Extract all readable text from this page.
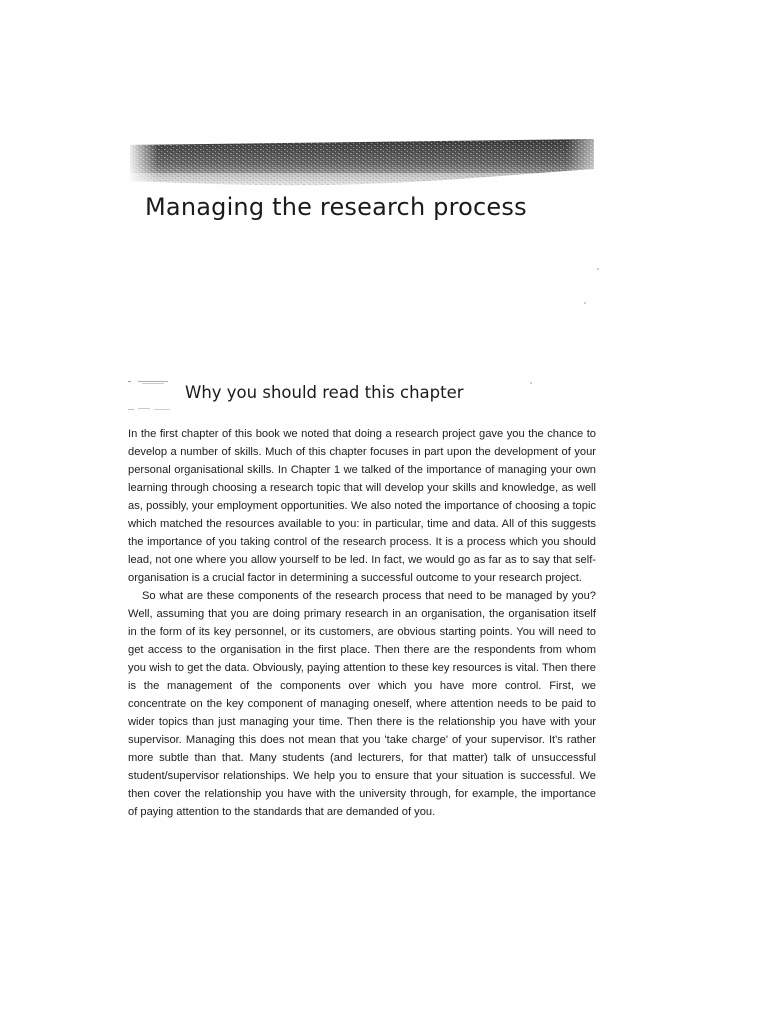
Managing the research process
Why you should read this chapter

In the first chapter of this book we noted that doing a research project gave you the chance to develop a number of skills. Much of this chapter focuses in part upon the development of your personal organisational skills. In Chapter 1 we talked of the importance of managing your own learning through choosing a research topic that will develop your skills and knowledge, as well as, possibly, your employment opportunities. We also noted the importance of choosing a topic which matched the resources available to you: in particular, time and data. All of this suggests the importance of you taking control of the research process. It is a process which you should lead, not one where you allow yourself to be led. In fact, we would go as far as to say that self-organisation is a crucial factor in determining a successful outcome to your research project.

So what are these components of the research process that need to be managed by you? Well, assuming that you are doing primary research in an organisation, the organisation itself in the form of its key personnel, or its customers, are obvious starting points. You will need to get access to the organisation in the first place. Then there are the respondents from whom you wish to get the data. Obviously, paying attention to these key resources is vital. Then there is the management of the components over which you have more control. First, we concentrate on the key component of managing oneself, where attention needs to be paid to wider topics than just managing your time. Then there is the relationship you have with your supervisor. Managing this does not mean that you 'take charge' of your supervisor. It's rather more subtle than that. Many students (and lecturers, for that matter) talk of unsuccessful student/supervisor relationships. We help you to ensure that your situation is successful. We then cover the relationship you have with the university through, for example, the importance of paying attention to the standards that are demanded of you.
